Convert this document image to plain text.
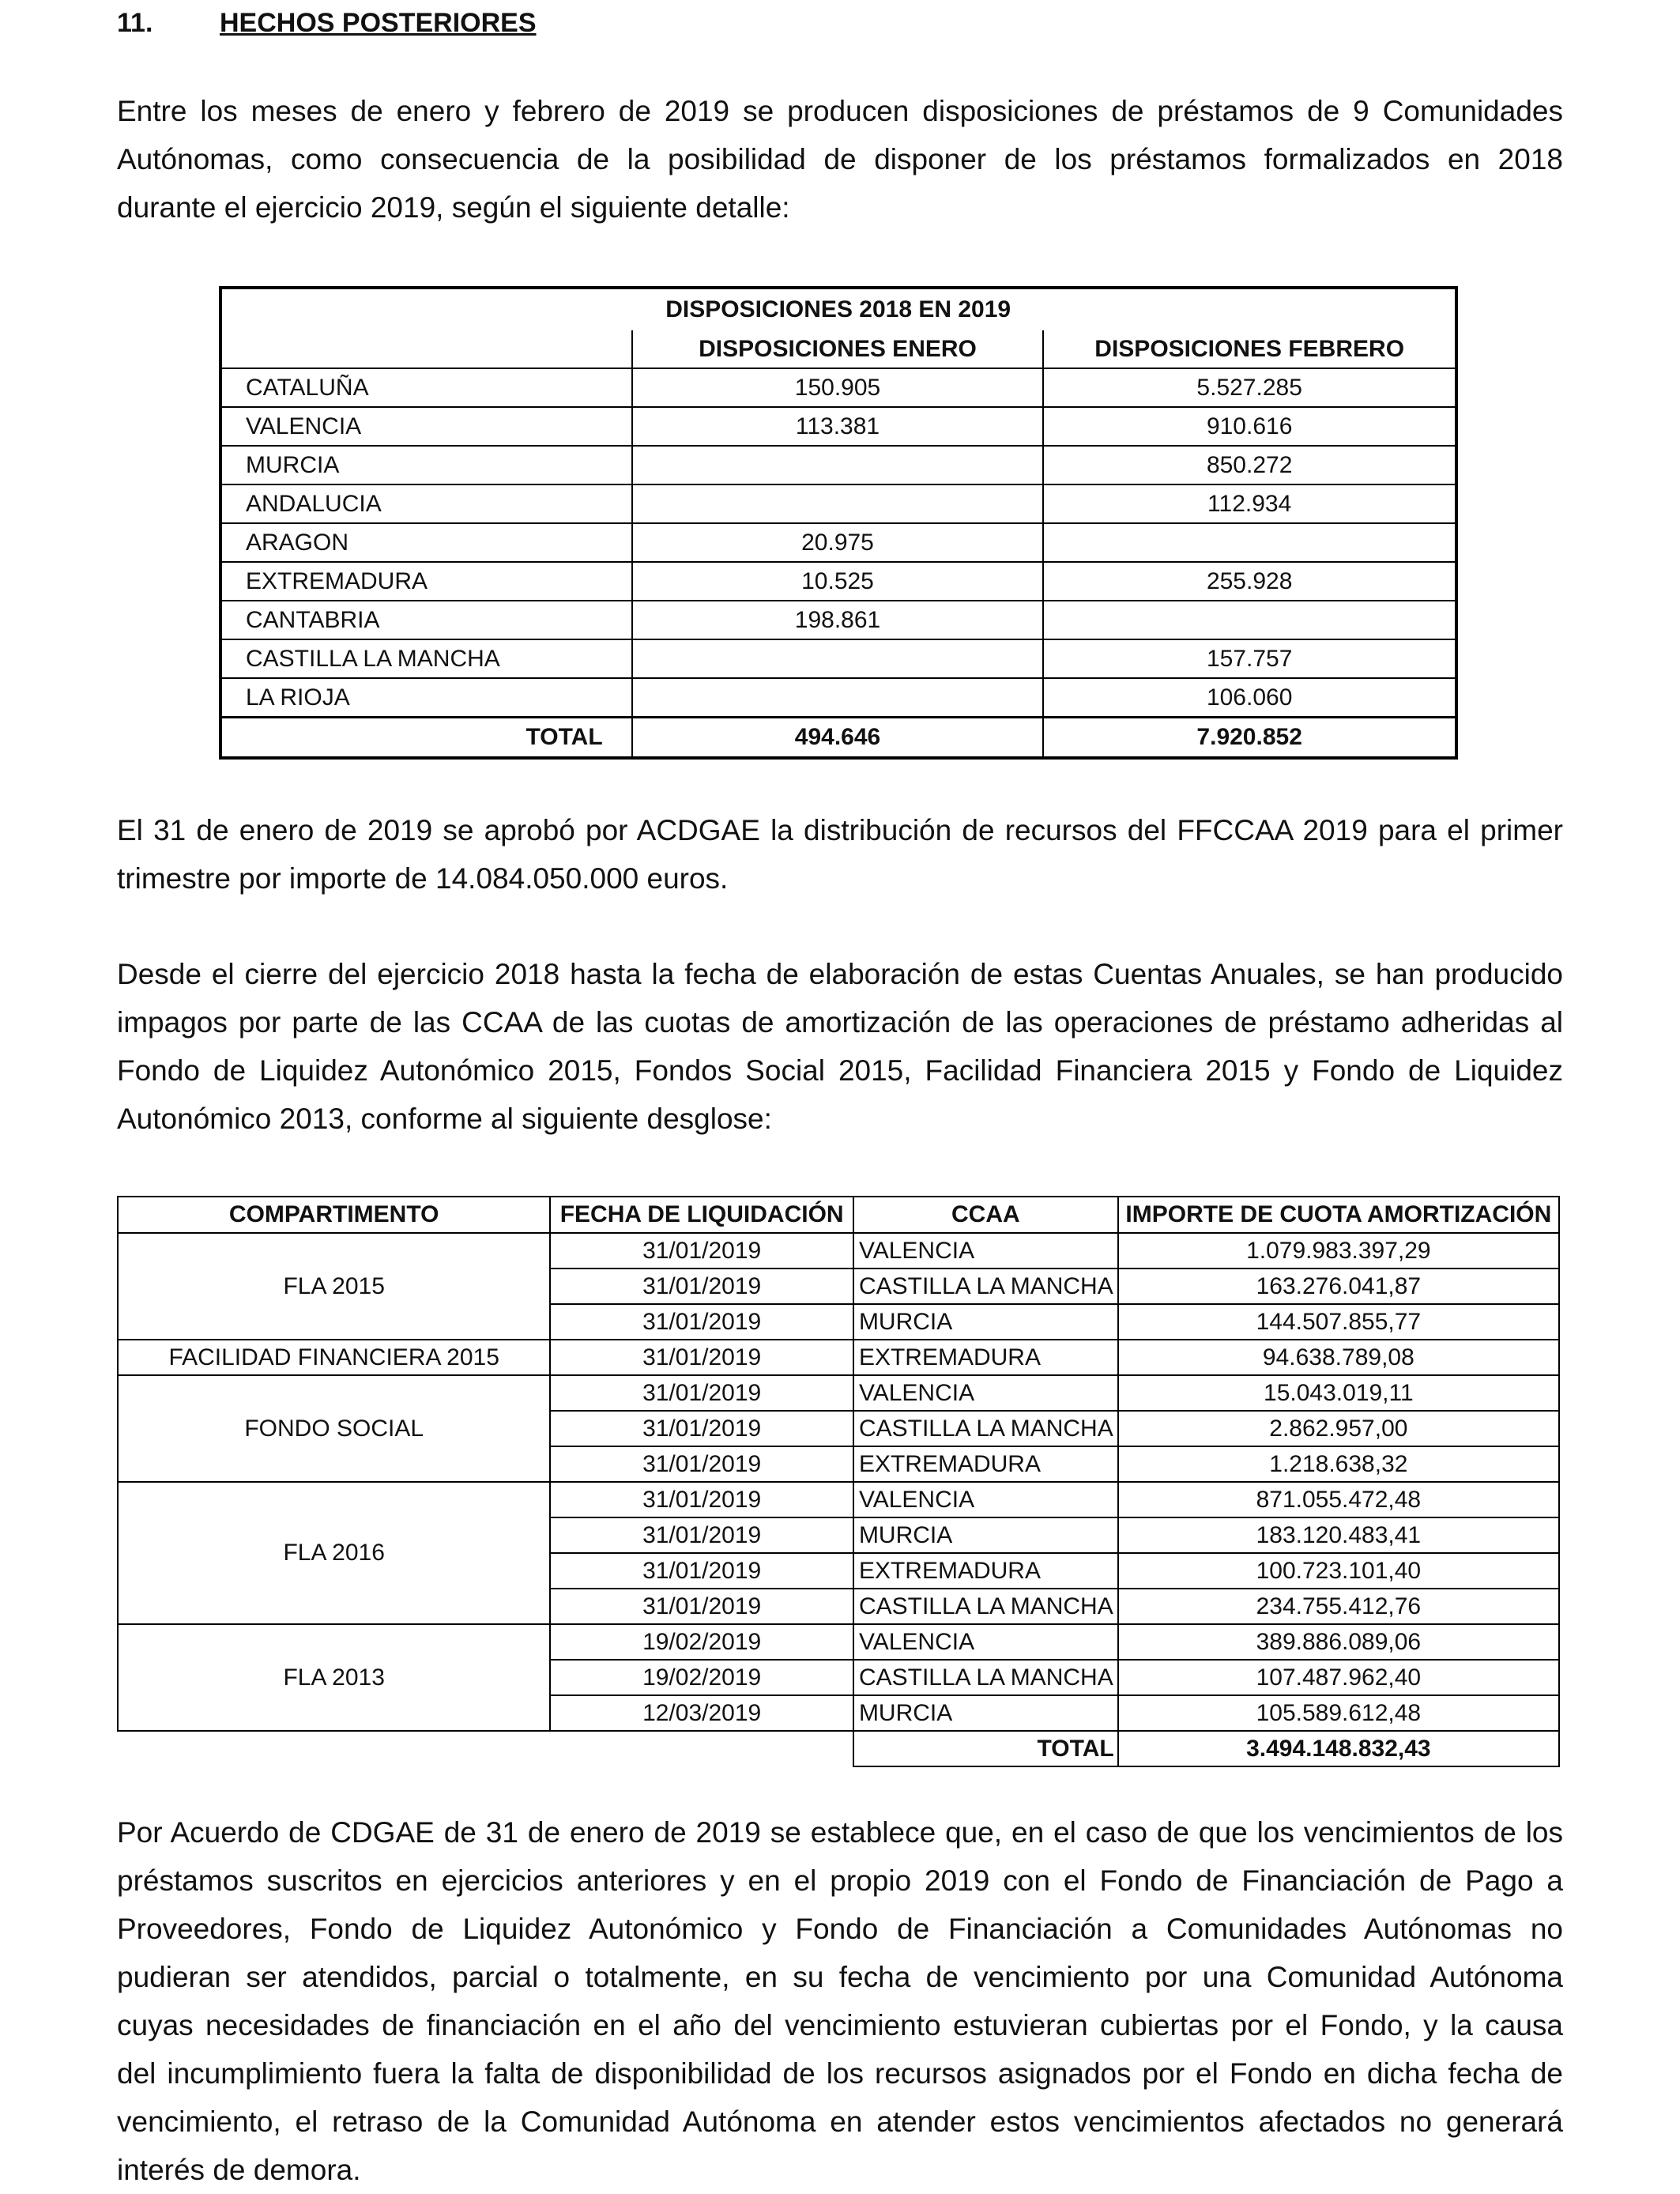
11. HECHOS POSTERIORES

Entre los meses de enero y febrero de 2019 se producen disposiciones de préstamos de 9 Comunidades
Autónomas, como consecuencia de la posibilidad de disponer de los préstamos formalizados en 2018
durante el ejercicio 2019, según el siguiente detalle:

	DISPOSICIONES 2018 EN 2019	
	DISPOSICIONES ENERO	DISPOSICIONES FEBRERO
CATALUÑA	150.905	5.527.285
VALENCIA	113.381	910.616
MURCIA		850.272
ANDALUCIA		112.934
ARAGON	20.975	
EXTREMADURA	10.525	255.928
CANTABRIA	198.861	
CASTILLA LA MANCHA		157.757
LA RIOJA		106.060
TOTAL	494.646	7.920.852

El 31 de enero de 2019 se aprobó por ACDGAE la distribución de recursos del FFCCAA 2019 para el primer
trimestre por importe de 14.084.050.000 euros.

Desde el cierre del ejercicio 2018 hasta la fecha de elaboración de estas Cuentas Anuales, se han producido
impagos por parte de las CCAA de las cuotas de amortización de las operaciones de préstamo adheridas al
Fondo de Liquidez Autonómico 2015, Fondos Social 2015, Facilidad Financiera 2015 y Fondo de Liquidez
Autonómico 2013, conforme al siguiente desglose:

COMPARTIMENTO	FECHA DE LIQUIDACIÓN	CCAA	IMPORTE DE CUOTA AMORTIZACIÓN
FLA 2015	31/01/2019	VALENCIA	1.079.983.397,29
	31/01/2019	CASTILLA LA MANCHA	163.276.041,87
	31/01/2019	MURCIA	144.507.855,77
FACILIDAD FINANCIERA 2015	31/01/2019	EXTREMADURA	94.638.789,08
FONDO SOCIAL	31/01/2019	VALENCIA	15.043.019,11
	31/01/2019	CASTILLA LA MANCHA	2.862.957,00
	31/01/2019	EXTREMADURA	1.218.638,32
FLA 2016	31/01/2019	VALENCIA	871.055.472,48
	31/01/2019	MURCIA	183.120.483,41
	31/01/2019	EXTREMADURA	100.723.101,40
	31/01/2019	CASTILLA LA MANCHA	234.755.412,76
FLA 2013	19/02/2019	VALENCIA	389.886.089,06
	19/02/2019	CASTILLA LA MANCHA	107.487.962,40
	12/03/2019	MURCIA	105.589.612,48
		TOTAL	3.494.148.832,43

Por Acuerdo de CDGAE de 31 de enero de 2019 se establece que, en el caso de que los vencimientos de los
préstamos suscritos en ejercicios anteriores y en el propio 2019 con el Fondo de Financiación de Pago a
Proveedores, Fondo de Liquidez Autonómico y Fondo de Financiación a Comunidades Autónomas no
pudieran ser atendidos, parcial o totalmente, en su fecha de vencimiento por una Comunidad Autónoma
cuyas necesidades de financiación en el año del vencimiento estuvieran cubiertas por el Fondo, y la causa
del incumplimiento fuera la falta de disponibilidad de los recursos asignados por el Fondo en dicha fecha de
vencimiento, el retraso de la Comunidad Autónoma en atender estos vencimientos afectados no generará
interés de demora.
